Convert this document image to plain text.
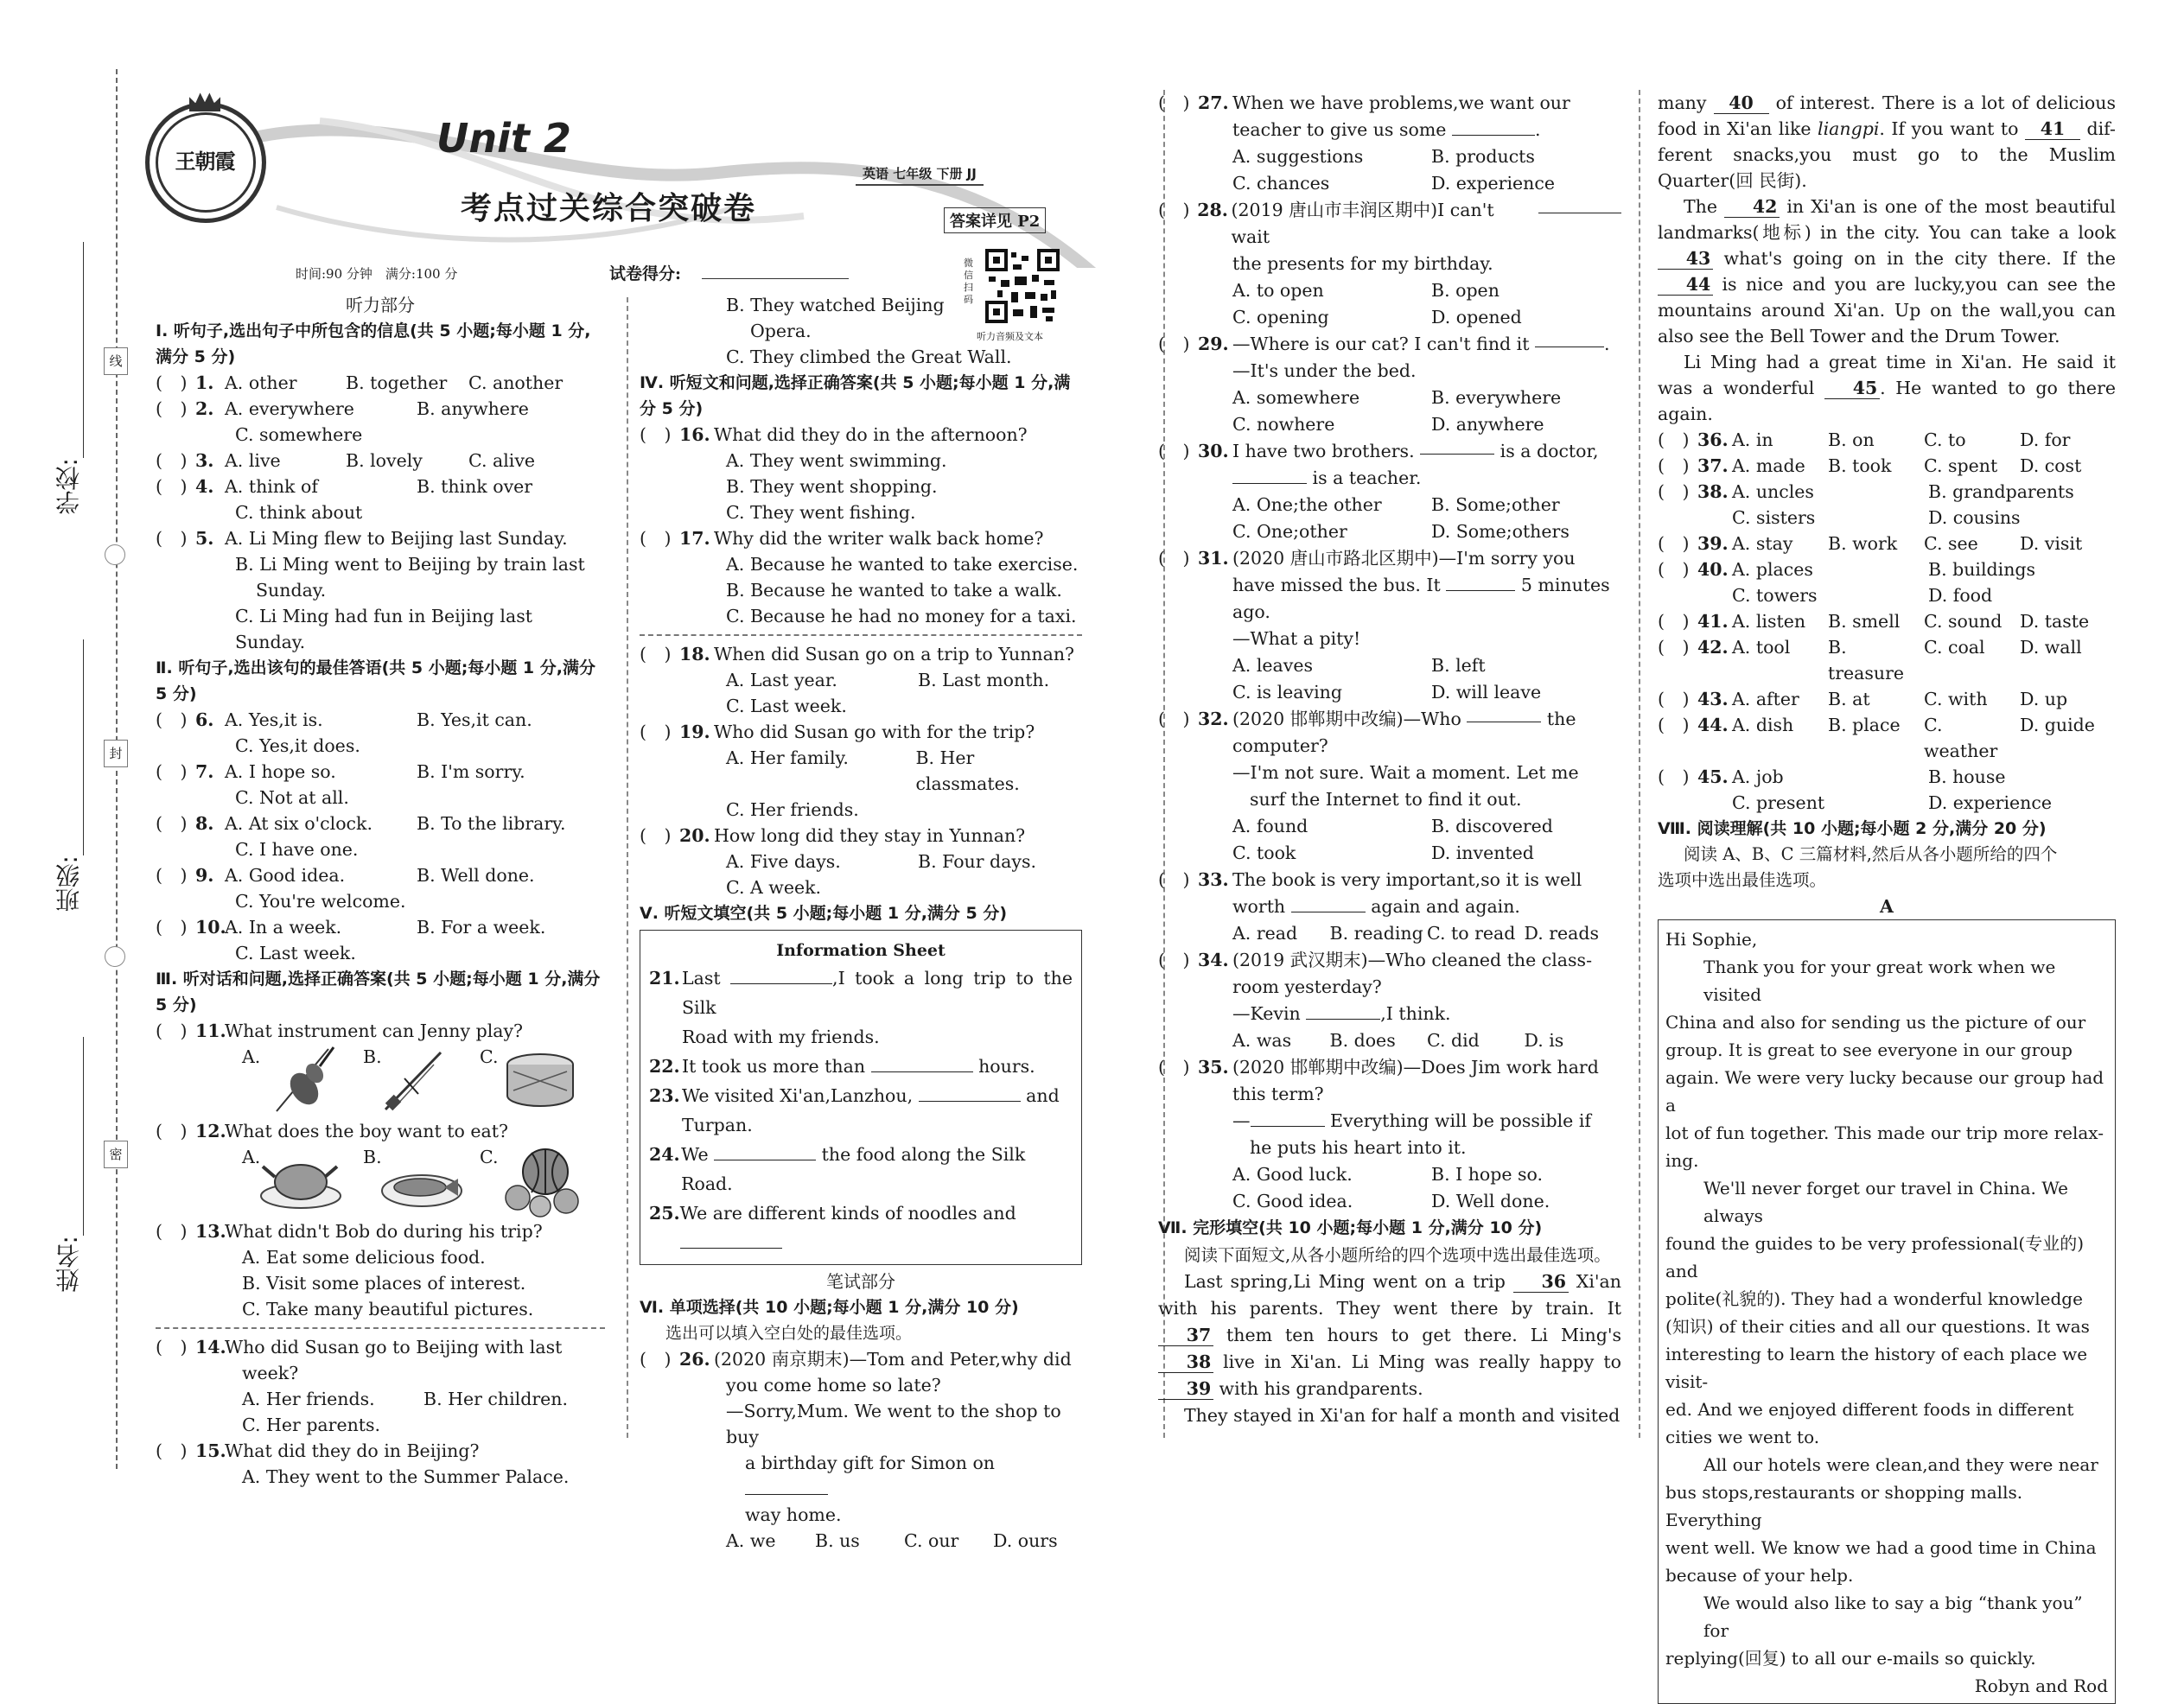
线
封
密
学校:
班级:
姓名:
王朝霞	Unit 2
考点过关综合突破卷
英语 七年级 下册 JJ
答案详见 P2
微信扫码
听力音频及文本
时间:90 分钟　满分:100 分	试卷得分:
听力部分
Ⅰ. 听句子,选出句子中所包含的信息(共 5 小题;每小题 1 分,满分 5 分)
(　) 1. A. other	B. together	C. another
(　) 2. A. everywhere	B. anywhere
C. somewhere
(　) 3. A. live	B. lovely	C. alive
(　) 4. A. think of	B. think over
C. think about
(　) 5. A. Li Ming flew to Beijing last Sunday.
B. Li Ming went to Beijing by train last
Sunday.
C. Li Ming had fun in Beijing last Sunday.
Ⅱ. 听句子,选出该句的最佳答语(共 5 小题;每小题 1 分,满分 5 分)
(　) 6. A. Yes,it is.	B. Yes,it can.
C. Yes,it does.
(　) 7. A. I hope so.	B. I'm sorry.
C. Not at all.
(　) 8. A. At six o'clock.	B. To the library.
C. I have one.
(　) 9. A. Good idea.	B. Well done.
C. You're welcome.
(　) 10.
A. In a week.	B. For a week.
C. Last week.
Ⅲ. 听对话和问题,选择正确答案(共 5 小题;每小题 1 分,满分 5 分)
(　) 11.
What instrument can Jenny play?
A.	B.	C.
(　) 12.
What does the boy want to eat?
A.	B.	C.
(　) 13.
What didn't Bob do during his trip?
A. Eat some delicious food.
B. Visit some places of interest.
C. Take many beautiful pictures.
(　) 14.
Who did Susan go to Beijing with last
week?
A. Her friends.	B. Her children.
C. Her parents.
(　) 15.
What did they do in Beijing?
A. They went to the Summer Palace.
B. They watched Beijing
Opera.
C. They climbed the Great Wall.
Ⅳ. 听短文和问题,选择正确答案(共 5 小题;每小题 1 分,满分 5 分)
(　) 16. What did they do in the afternoon?
A. They went swimming.
B. They went shopping.
C. They went fishing.
(　) 17. Why did the writer walk back home?
A. Because he wanted to take exercise.
B. Because he wanted to take a walk.
C. Because he had no money for a taxi.
(　) 18. When did Susan go on a trip to Yunnan?
A. Last year.	B. Last month.
C. Last week.
(　) 19. Who did Susan go with for the trip?
A. Her family.	B. Her classmates.
C. Her friends.
(　) 20. How long did they stay in Yunnan?
A. Five days.	B. Four days.
C. A week.
Ⅴ. 听短文填空(共 5 小题;每小题 1 分,满分 5 分)
Information Sheet
21. Last	,I took a long trip to the Silk
Road with my friends.
22. It took us more than	hours.
23. We visited Xi'an,Lanzhou,	and
Turpan.
24. We	the food along the Silk Road.
25. We are different kinds of noodles and
笔试部分
Ⅵ. 单项选择(共 10 小题;每小题 1 分,满分 10 分)
选出可以填入空白处的最佳选项。
(　) 26. (2020 南京期末)—Tom and Peter,why did
you come home so late?
—Sorry,Mum. We went to the shop to buy
a birthday gift for Simon on
way home.
A. we	B. us	C. our	D. ours
(　) 27. When we have problems,we want our
teacher to give us some	.
A. suggestions	B. products
C. chances	D. experience
(　) 28. (2019 唐山市丰润区期中)I can't wait

the presents for my birthday.
A. to open	B. open
C. opening	D. opened
(　) 29. —Where is our cat? I can't find it
	.
—It's under the bed.
A. somewhere	B. everywhere
C. nowhere	D. anywhere
(　) 30. I have two brothers.

	is a doctor,
is a teacher.
A. One;the other	B. Some;other
C. One;other	D. Some;others
(　) 31. (2020 唐山市路北区期中)—I'm sorry you
have missed the bus. It	5 minutes
ago.
—What a pity!
A. leaves	B. left
C. is leaving	D. will leave
(　) 32. (2020 邯郸期中改编)—Who

	the
computer?
—I'm not sure. Wait a moment. Let me
surf the Internet to find it out.
A. found	B. discovered
C. took	D. invented
(　) 33. The book is very important,so it is well
worth	again and again.
A. read	B. reading C. to read D. reads
(　) 34. (2019 武汉期末)—Who cleaned the class-
room yesterday?
—Kevin	,I think.
A. was	B. does	C. did	D. is
(　) 35. (2020 邯郸期中改编)—Does Jim work hard
this term?
—	Everything will be possible if
he puts his heart into it.
A. Good luck.	B. I hope so.
C. Good idea.	D. Well done.
Ⅶ. 完形填空(共 10 小题;每小题 1 分,满分 10 分)
阅读下面短文,从各小题所给的四个选项中选出最佳选项。
Last spring,Li Ming went on a trip 36 Xi'an with his parents. They went there by train. It 37 them ten hours to get there. Li Ming's 38 live in Xi'an. Li Ming was really happy to 39 with his grandparents.
They stayed in Xi'an for half a month and visited
many 40 of interest. There is a lot of delicious food in Xi'an like liangpi. If you want to 41 dif- ferent snacks,you must go to the Muslim Quarter(回 民街).
The 42 in Xi'an is one of the most beautiful landmarks(地标) in the city. You can take a look 43 what's going on in the city there. If the 44 is nice and you are lucky,you can see the mountains around Xi'an. Up on the wall,you can also see the Bell Tower and the Drum Tower.
Li Ming had a great time in Xi'an. He said it was a wonderful 45 . He wanted to go there again.
(　) 36. A. in	B. on	C. to	D. for
(　) 37. A. made	B. took	C. spent	D. cost
(　) 38. A. uncles	B. grandparents
C. sisters	D. cousins
(　) 39. A. stay	B. work	C. see	D. visit
(　) 40. A. places	B. buildings
C. towers	D. food
(　) 41. A. listen	B. smell	C. sound	D. taste
(　) 42. A. tool	B. treasure
C. coal	D. wall
(　) 43. A. after	B. at	C. with	D. up
(　) 44. A. dish	B. place	C. weather
D. guide
(　) 45. A. job	B. house
C. present	D. experience
Ⅷ. 阅读理解(共 10 小题;每小题 2 分,满分 20 分)
阅读 A、B、C 三篇材料,然后从各小题所给的四个
选项中选出最佳选项。
A
Hi Sophie,
Thank you for your great work when we visited
China and also for sending us the picture of our
group. It is great to see everyone in our group
again. We were very lucky because our group had a
lot of fun together. This made our trip more relax-
ing.
We'll never forget our travel in China. We always
found the guides to be very professional(专业的) and
polite(礼貌的). They had a wonderful knowledge
(知识) of their cities and all our questions. It was
interesting to learn the history of each place we visit-
ed. And we enjoyed different foods in different
cities we went to.
All our hotels were clean,and they were near
bus stops,restaurants or shopping malls. Everything
went well. We know we had a good time in China
because of your help.
We would also like to say a big “thank you” for
replying(回复) to all our e-mails so quickly.
Robyn and Rod
